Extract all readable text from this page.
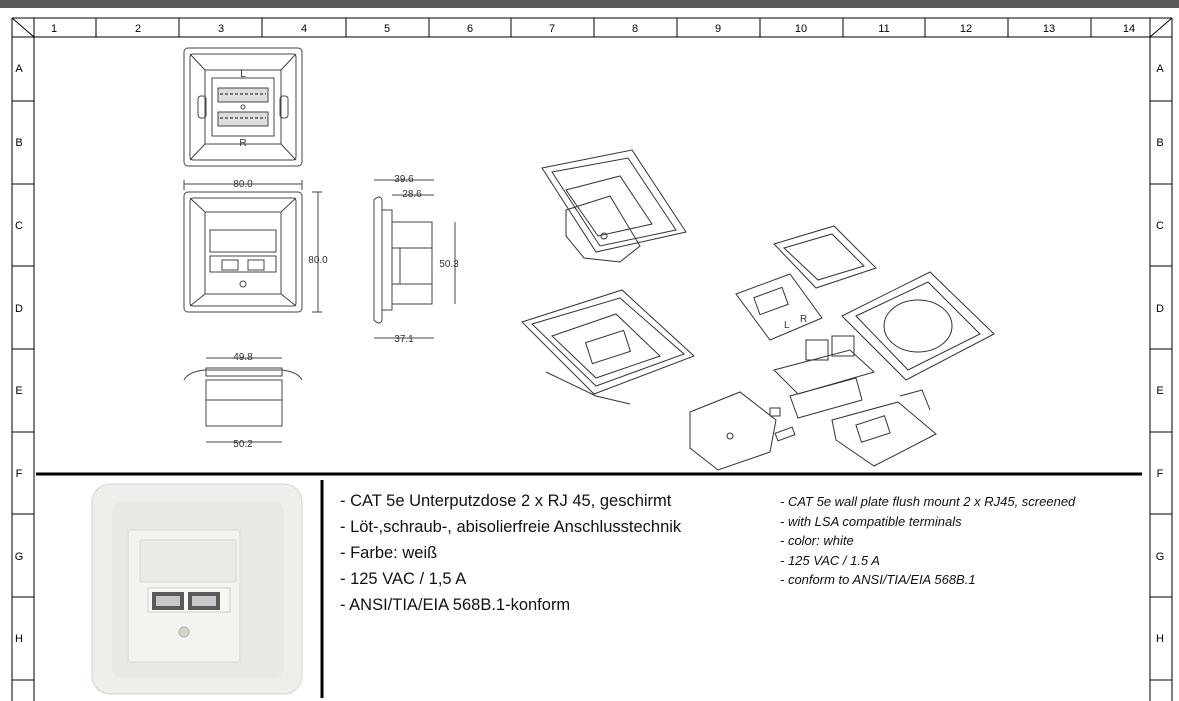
1	2	3	4	5	6	7	8	9	10	11	12	13	14
A
B
C
D
E
F
G
H
A
B
C
D
E
F
G
H
L
R
80.0
80.0
49.8
50.2
39.6
28.6
50.3
37.1
L
R
- CAT 5e Unterputzdose 2 x RJ 45, geschirmt
- Löt-,schraub-, abisolierfreie Anschlusstechnik
- Farbe: weiß
- 125 VAC / 1,5 A
- ANSI/TIA/EIA 568B.1-konform
- CAT 5e wall plate flush mount 2 x RJ45, screened
- with LSA compatible terminals
- color: white
- 125 VAC / 1.5 A
- conform to ANSI/TIA/EIA 568B.1
